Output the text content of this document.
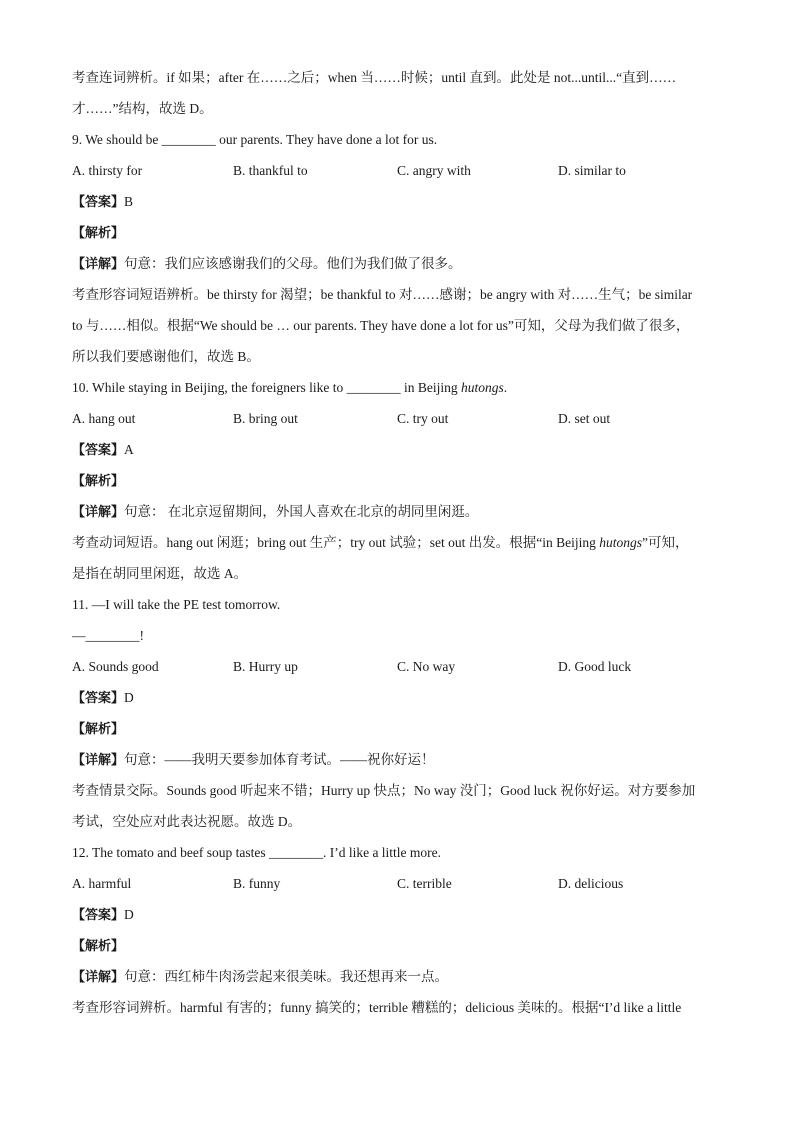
考查连词辨析。if 如果；after 在……之后；when 当……时候；until 直到。此处是 not...until...“直到……
才……”结构，故选 D。
9. We should be ________ our parents. They have done a lot for us.
A. thirsty for	B. thankful to	C. angry with	D. similar to
【答案】B
【解析】
【详解】句意：我们应该感谢我们的父母。他们为我们做了很多。
考查形容词短语辨析。be thirsty for 渴望；be thankful to 对……感谢；be angry with 对……生气；be similar
to 与……相似。根据“We should be … our parents. They have done a lot for us”可知，父母为我们做了很多，
所以我们要感谢他们，故选 B。
10. While staying in Beijing, the foreigners like to ________ in Beijing hutongs.
A. hang out	B. bring out	C. try out	D. set out
【答案】A
【解析】
【详解】句意： 在北京逗留期间，外国人喜欢在北京的胡同里闲逛。
考查动词短语。hang out 闲逛；bring out 生产；try out 试验；set out 出发。根据“in Beijing hutongs”可知，
是指在胡同里闲逛，故选 A。
11. —I will take the PE test tomorrow.
—________!
A. Sounds good	B. Hurry up	C. No way	D. Good luck
【答案】D
【解析】
【详解】句意：——我明天要参加体育考试。——祝你好运！
考查情景交际。Sounds good 听起来不错；Hurry up 快点；No way 没门；Good luck 祝你好运。对方要参加
考试，空处应对此表达祝愿。故选 D。
12. The tomato and beef soup tastes ________. I’d like a little more.
A. harmful	B. funny	C. terrible	D. delicious
【答案】D
【解析】
【详解】句意：西红柿牛肉汤尝起来很美味。我还想再来一点。
考查形容词辨析。harmful 有害的；funny 搞笑的；terrible 糟糕的；delicious 美味的。根据“I’d like a little
